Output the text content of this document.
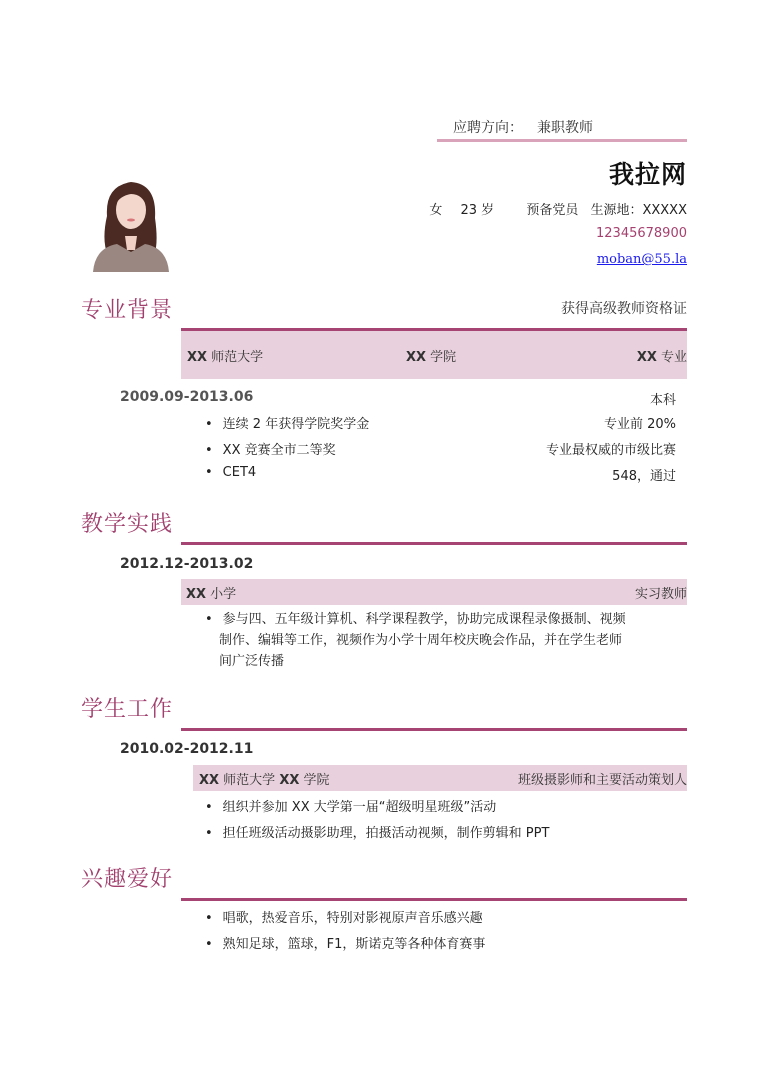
应聘方向： 兼职教师
我拉网
女 23 岁 预备党员 生源地：XXXXX
12345678900
moban@55.la
专业背景	获得高级教师资格证
XX 师范大学	XX 学院	XX 专业
2009.09-2013.06	本科
• 连续 2 年获得学院奖学金	专业前 20%
• XX 竞赛全市二等奖	专业最权威的市级比赛
• CET4	548，通过
教学实践
2012.12-2013.02
XX 小学	实习教师
• 参与四、五年级计算机、科学课程教学，协助完成课程录像摄制、视频
制作、编辑等工作，视频作为小学十周年校庆晚会作品，并在学生老师
间广泛传播
学生工作
2010.02-2012.11
XX 师范大学 XX 学院	班级摄影师和主要活动策划人
• 组织并参加 XX 大学第一届“超级明星班级”活动
• 担任班级活动摄影助理，拍摄活动视频，制作剪辑和 PPT
兴趣爱好
• 唱歌，热爱音乐，特别对影视原声音乐感兴趣
• 熟知足球，篮球，F1，斯诺克等各种体育赛事
